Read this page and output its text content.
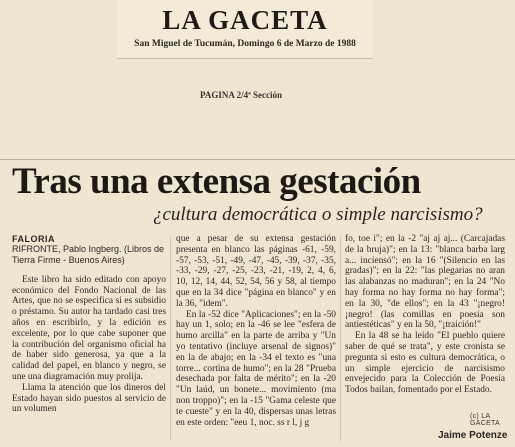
LA GACETA
San Miguel de Tucumán, Domingo 6 de Marzo de 1988
PAGINA 2/4ª Sección
Tras una extensa gestación
¿cultura democrática o simple narcisismo?

FALORIA
RIFRONTE, Pablo Ingberg. (Libros de Tierra Firme - Buenos Aires)

Este libro ha sido editado con apoyo económico del Fondo Nacional de las Artes, que no se especifica si es subsidio o préstamo. Su autor ha tardado casi tres años en escribirlo, y la edición es excelente, por lo que cabe suponer que la contribución del organismo oficial ha de haber sido generosa, ya que a la calidad del papel, en blanco y negro, se une una diagramación muy prolija.

Llama la atención que los dineros del Estado hayan sido puestos al servicio de un volumen

que a pesar de su extensa gestación presenta en blanco las páginas -61, -59, -57, -53, -51, -49, -47, -45, -39, -37, -35, -33, -29, -27, -25, -23, -21, -19, 2, 4, 6, 10, 12, 14, 44, 52, 54, 56 y 58, al tiempo que en la 34 dice "página en blanco" y en la 36, "idem".

En la -52 dice "Aplicaciones"; en la -50 hay un 1, solo; en la -46 se lee "esfera de humo arcilla" en la parte de arriba y "Un yo tentativo (incluye arsenal de signos)" en la de abajo; en la -34 el texto es "una torre... cortina de humo"; en la 28 "Prueba desechada por falta de mérito"; en la -20 "Un laúd, un bonete... movimiento (ma non troppo)"; en la -15 "Gama celeste que te cueste" y en la 40, dispersas unas letras en este orden: "eeu 1, noc. ss r l, j g

fo, toe i"; en la -2 "aj aj aj... (Carcajadas de la bruja)"; en la 13: "blanca barba larg a... inciensó"; en la 16 "(Silencio en las gradas)"; en la 22: "las plegarias no aran las alabanzas no maduran"; en la 24 "No hay forma no hay forma no hay forma"; en la 30, "de ellos"; en la 43 "¡negro! ¡negro! (las comillas en poesía son antiestéticas" y en la 50, "¡traición!"

En la 48 se ha leído "El pueblo quiere saber de qué se trata", y este cronista se pregunta si esto es cultura democrática, o un simple ejercicio de narcisismo envejecido para la Colección de Poesía Todos bailan, fomentado por el Estado.

(c) LA GACETA
Jaime Potenze
